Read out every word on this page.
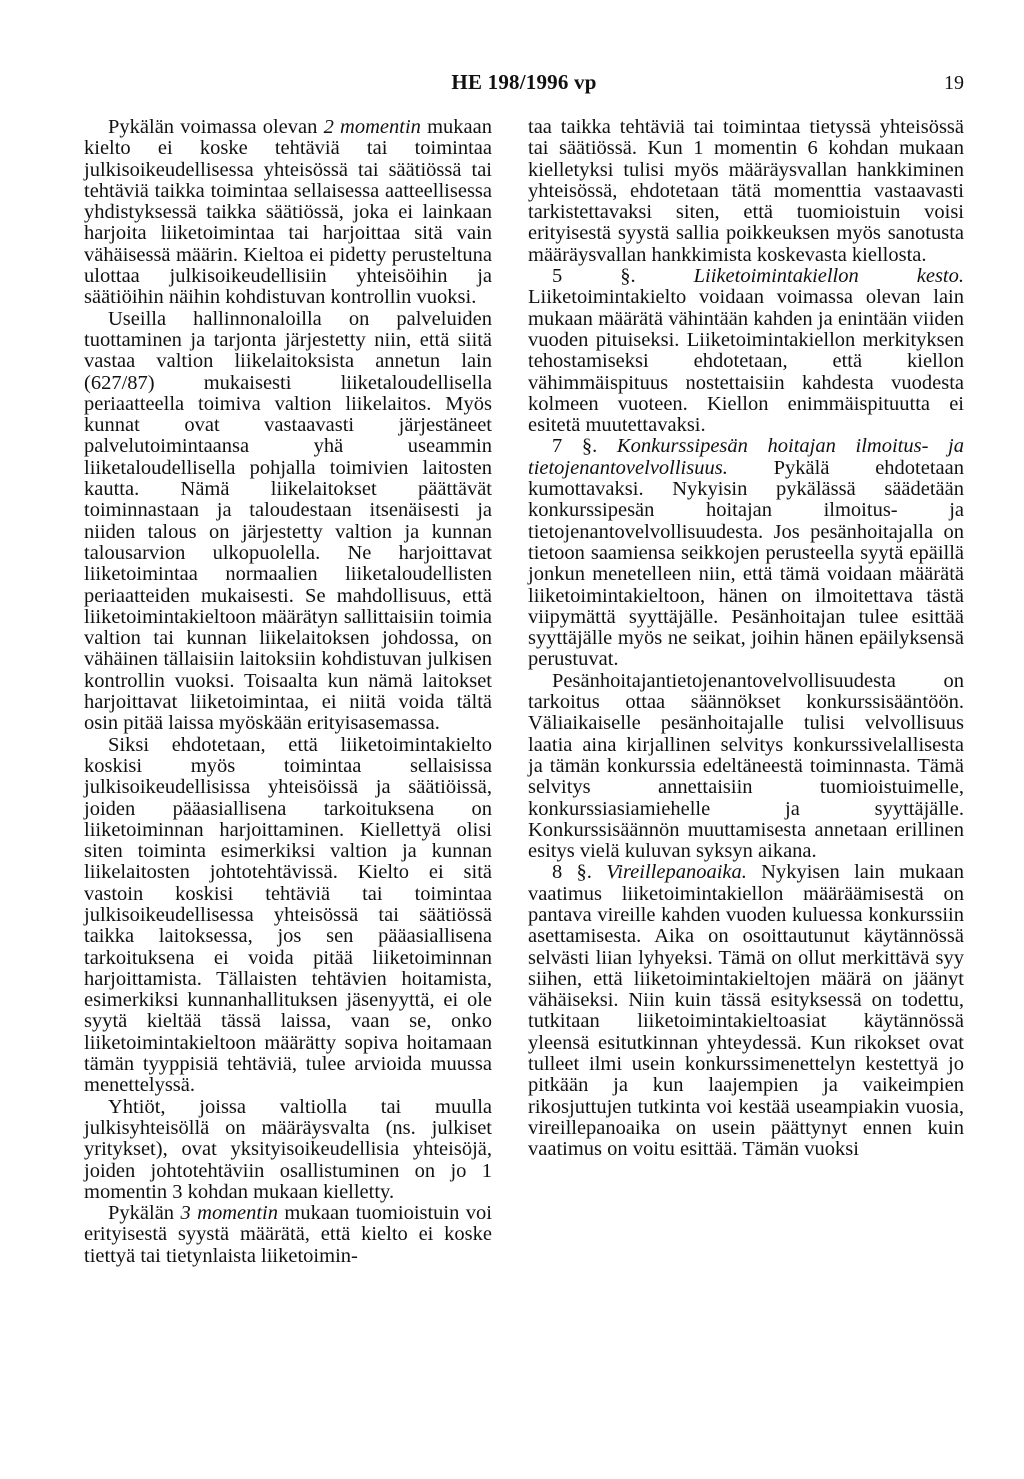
HE 198/1996 vp	19

Pykälän voimassa olevan 2 momentin mukaan kielto ei koske tehtäviä tai toimintaa julkisoikeudellisessa yhteisössä tai säätiössä tai tehtäviä taikka toimintaa sellaisessa aatteellisessa yhdistyksessä taikka säätiössä, joka ei lainkaan harjoita liiketoimintaa tai harjoittaa sitä vain vähäisessä määrin. Kieltoa ei pidetty perusteltuna ulottaa julkisoikeudellisiin yhteisöihin ja säätiöihin näihin kohdistuvan kontrollin vuoksi.

Useilla hallinnonaloilla on palveluiden tuottaminen ja tarjonta järjestetty niin, että siitä vastaa valtion liikelaitoksista annetun lain (627/87) mukaisesti liiketaloudellisella periaatteella toimiva valtion liikelaitos. Myös kunnat ovat vastaavasti järjestäneet palvelutoimintaansa yhä useammin liiketaloudellisella pohjalla toimivien laitosten kautta. Nämä liikelaitokset päättävät toiminnastaan ja taloudestaan itsenäisesti ja niiden talous on järjestetty valtion ja kunnan talousarvion ulkopuolella. Ne harjoittavat liiketoimintaa normaalien liiketaloudellisten periaatteiden mukaisesti. Se mahdollisuus, että liiketoimintakieltoon määrätyn sallittaisiin toimia valtion tai kunnan liikelaitoksen johdossa, on vähäinen tällaisiin laitoksiin kohdistuvan julkisen kontrollin vuoksi. Toisaalta kun nämä laitokset harjoittavat liiketoimintaa, ei niitä voida tältä osin pitää laissa myöskään erityisasemassa.

Siksi ehdotetaan, että liiketoimintakielto koskisi myös toimintaa sellaisissa julkisoikeudellisissa yhteisöissä ja säätiöissä, joiden pääasiallisena tarkoituksena on liiketoiminnan harjoittaminen. Kiellettyä olisi siten toiminta esimerkiksi valtion ja kunnan liikelaitosten johtotehtävissä. Kielto ei sitä vastoin koskisi tehtäviä tai toimintaa julkisoikeudellisessa yhteisössä tai säätiössä taikka laitoksessa, jos sen pääasiallisena tarkoituksena ei voida pitää liiketoiminnan harjoittamista. Tällaisten tehtävien hoitamista, esimerkiksi kunnanhallituksen jäsenyyttä, ei ole syytä kieltää tässä laissa, vaan se, onko liiketoimintakieltoon määrätty sopiva hoitamaan tämän tyyppisiä tehtäviä, tulee arvioida muussa menettelyssä.

Yhtiöt, joissa valtiolla tai muulla julkisyhteisöllä on määräysvalta (ns. julkiset yritykset), ovat yksityisoikeudellisia yhteisöjä, joiden johtotehtäviin osallistuminen on jo 1 momentin 3 kohdan mukaan kielletty.

Pykälän 3 momentin mukaan tuomioistuin voi erityisestä syystä määrätä, että kielto ei koske tiettyä tai tietynlaista liiketoimin-

taa taikka tehtäviä tai toimintaa tietyssä yhteisössä tai säätiössä. Kun 1 momentin 6 kohdan mukaan kielletyksi tulisi myös määräysvallan hankkiminen yhteisössä, ehdotetaan tätä momenttia vastaavasti tarkistettavaksi siten, että tuomioistuin voisi erityisestä syystä sallia poikkeuksen myös sanotusta määräysvallan hankkimista koskevasta kiellosta.

5 §. Liiketoimintakiellon kesto. Liiketoimintakielto voidaan voimassa olevan lain mukaan määrätä vähintään kahden ja enintään viiden vuoden pituiseksi. Liiketoimintakiellon merkityksen tehostamiseksi ehdotetaan, että kiellon vähimmäispituus nostettaisiin kahdesta vuodesta kolmeen vuoteen. Kiellon enimmäispituutta ei esitetä muutettavaksi.

7 §. Konkurssipesän hoitajan ilmoitus- ja tietojenantovelvollisuus. Pykälä ehdotetaan kumottavaksi. Nykyisin pykälässä säädetään konkurssipesän hoitajan ilmoitus- ja tietojenantovelvollisuudesta. Jos pesänhoitajalla on tietoon saamiensa seikkojen perusteella syytä epäillä jonkun menetelleen niin, että tämä voidaan määrätä liiketoimintakieltoon, hänen on ilmoitettava tästä viipymättä syyttäjälle. Pesänhoitajan tulee esittää syyttäjälle myös ne seikat, joihin hänen epäilyksensä perustuvat.

Pesänhoitajantietojenantovelvollisuudesta on tarkoitus ottaa säännökset konkurssisääntöön. Väliaikaiselle pesänhoitajalle tulisi velvollisuus laatia aina kirjallinen selvitys konkurssivelallisesta ja tämän konkurssia edeltäneestä toiminnasta. Tämä selvitys annettaisiin tuomioistuimelle, konkurssiasiamiehelle ja syyttäjälle. Konkurssisäännön muuttamisesta annetaan erillinen esitys vielä kuluvan syksyn aikana.

8 §. Vireillepanoaika. Nykyisen lain mukaan vaatimus liiketoimintakiellon määräämisestä on pantava vireille kahden vuoden kuluessa konkurssiin asettamisesta. Aika on osoittautunut käytännössä selvästi liian lyhyeksi. Tämä on ollut merkittävä syy siihen, että liiketoimintakieltojen määrä on jäänyt vähäiseksi. Niin kuin tässä esityksessä on todettu, tutkitaan liiketoimintakieltoasiat käytännössä yleensä esitutkinnan yhteydessä. Kun rikokset ovat tulleet ilmi usein konkurssimenettelyn kestettyä jo pitkään ja kun laajempien ja vaikeimpien rikosjuttujen tutkinta voi kestää useampiakin vuosia, vireillepanoaika on usein päättynyt ennen kuin vaatimus on voitu esittää. Tämän vuoksi
